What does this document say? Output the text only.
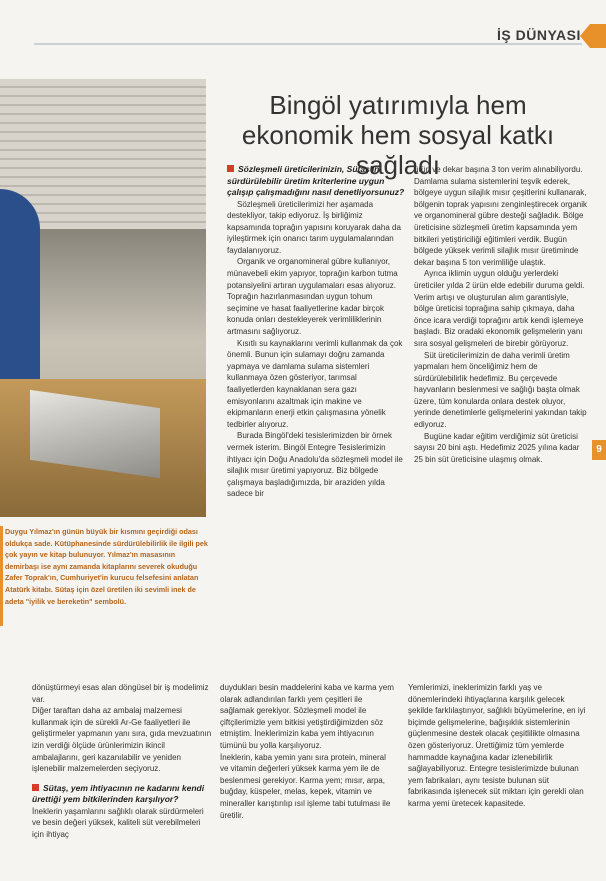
İŞ DÜNYASI
Duygu Yılmaz'ın günün büyük bir kısmını geçirdiği odası oldukça sade. Kütüphanesinde sürdürülebilirlik ile ilgili pek çok yayın ve kitap bulunuyor. Yılmaz'ın masasının demirbaşı ise aynı zamanda kitaplarını severek okuduğu Zafer Toprak'ın, Cumhuriyet'in kurucu felsefesini anlatan Atatürk kitabı. Sütaş için özel üretilen iki sevimli inek de adeta "iyilik ve bereketin" sembolü.
Bingöl yatırımıyla hem ekonomik hem sosyal katkı sağladı
Sözleşmeli üreticilerinizin, Sütaş'ın sürdürülebilir üretim kriterlerine uygun çalışıp çalışmadığını nasıl denetliyorsunuz?

Sözleşmeli üreticilerimizi her aşamada destekliyor, takip ediyoruz. İş birliğimiz kapsamında toprağın yapısını koruyarak daha da iyileştirmek için onarıcı tarım uygulamalarından faydalanıyoruz.

Organik ve organomineral gübre kullanıyor, münavebeli ekim yapıyor, toprağın karbon tutma potansiyelini artıran uygulamaları esas alıyoruz. Toprağın hazırlanmasından uygun tohum seçimine ve hasat faaliyetlerine kadar birçok konuda onları destekleyerek verimliliklerinin artmasını sağlıyoruz.

Kısıtlı su kaynaklarını verimli kullanmak da çok önemli. Bunun için sulamayı doğru zamanda yapmaya ve damlama sulama sistemleri kullanmaya özen gösteriyor, tarımsal faaliyetlerden kaynaklanan sera gazı emisyonlarını azaltmak için makine ve ekipmanların enerji etkin çalışmasına yönelik tedbirler alıyoruz.

Burada Bingöl'deki tesislerimizden bir örnek vermek isterim. Bingöl Entegre Tesislerimizin ihtiyacı için Doğu Anadolu'da sözleşmeli model ile silajlık mısır üretimi yapıyoruz. Biz bölgede çalışmaya başladığımızda, bir araziden yılda sadece bir

ürün ve dekar başına 3 ton verim alınabiliyordu. Damlama sulama sistemlerini teşvik ederek, bölgeye uygun silajlık mısır çeşitlerini kullanarak, bölgenin toprak yapısını zenginleştirecek organik ve organomineral gübre desteği sağladık. Bölge üreticisine sözleşmeli üretim kapsamında yem bitkileri yetiştiriciliği eğitimleri verdik. Bugün bölgede yüksek verimli silajlık mısır üretiminde dekar başına 5 ton verimliliğe ulaştık.

Ayrıca iklimin uygun olduğu yerlerdeki üreticiler yılda 2 ürün elde edebilir duruma geldi. Verim artışı ve oluşturulan alım garantisiyle, bölge üreticisi toprağına sahip çıkmaya, daha önce icara verdiği toprağını artık kendi işlemeye başladı. Biz oradaki ekonomik gelişmelerin yanı sıra sosyal gelişmeleri de birebir görüyoruz.

Süt üreticilerimizin de daha verimli üretim yapmaları hem önceliğimiz hem de sürdürülebilirlik hedefimiz. Bu çerçevede hayvanların beslenmesi ve sağlığı başta olmak üzere, tüm konularda onlara destek oluyor, yerinde denetimlerle gelişmelerini yakından takip ediyoruz.

Bugüne kadar eğitim verdiğimiz süt üreticisi sayısı 20 bini aştı. Hedefimiz 2025 yılına kadar 25 bin süt üreticisine ulaşmış olmak.

9

dönüştürmeyi esas alan döngüsel bir iş modelimiz var.
Diğer taraftan daha az ambalaj malzemesi kullanmak için de sürekli Ar-Ge faaliyetleri ile geliştirmeler yapmanın yanı sıra, gıda mevzuatının izin verdiği ölçüde ürünlerimizin ikincil ambalajlarını, geri kazanılabilir ve yeniden işlenebilir malzemelerden seçiyoruz.

Sütaş, yem ihtiyacının ne kadarını kendi ürettiği yem bitkilerinden karşılıyor?

İneklerin yaşamlarını sağlıklı olarak sürdürmeleri ve besin değeri yüksek, kaliteli süt verebilmeleri için ihtiyaç

duydukları besin maddelerini kaba ve karma yem olarak adlandırılan farklı yem çeşitleri ile sağlamak gerekiyor. Sözleşmeli model ile çiftçilerimizle yem bitkisi yetiştirdiğimizden söz etmiştim. İneklerimizin kaba yem ihtiyacının tümünü bu yolla karşılıyoruz.
İneklerin, kaba yemin yanı sıra protein, mineral ve vitamin değerleri yüksek karma yem ile de beslenmesi gerekiyor. Karma yem; mısır, arpa, buğday, küspeler, melas, kepek, vitamin ve mineraller karıştırılıp ısıl işleme tabi tutulması ile üretilir.

Yemlerimizi, ineklerimizin farklı yaş ve dönemlerindeki ihtiyaçlarına karşılık gelecek şekilde farklılaştırıyor, sağlıklı büyümelerine, en iyi biçimde gelişmelerine, bağışıklık sistemlerinin güçlenmesine destek olacak çeşitlilikte olmasına özen gösteriyoruz. Ürettiğimiz tüm yemlerde hammadde kaynağına kadar izlenebilirlik sağlayabiliyoruz. Entegre tesislerimizde bulunan yem fabrikaları, aynı tesiste bulunan süt fabrikasında işlenecek süt miktarı için gerekli olan karma yemi üretecek kapasitede.
